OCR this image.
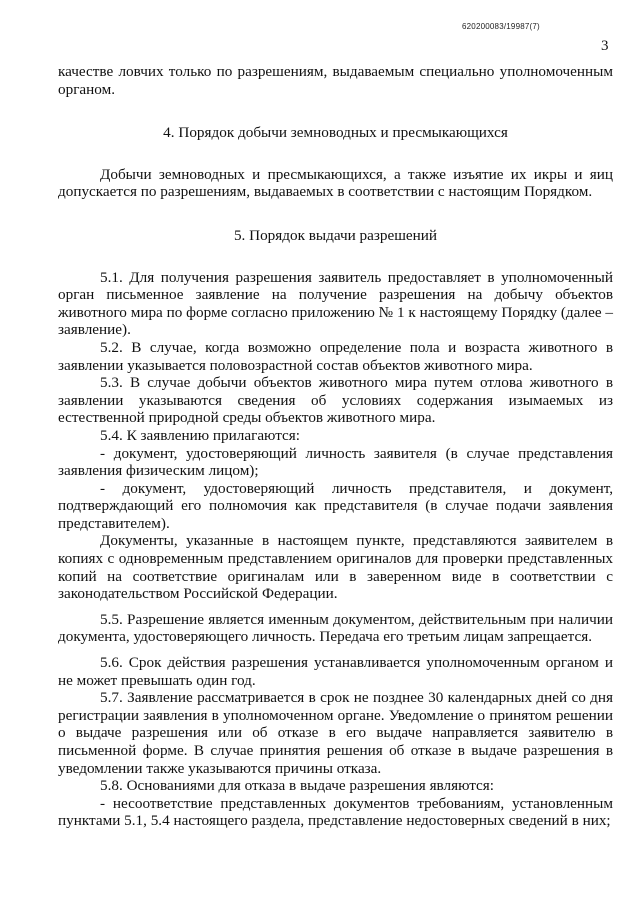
620200083/19987(7)
3

качестве ловчих только по разрешениям, выдаваемым специально уполномоченным органом.

4. Порядок добычи земноводных и пресмыкающихся

Добычи земноводных и пресмыкающихся, а также изъятие их икры и яиц допускается по разрешениям, выдаваемых в соответствии с настоящим Порядком.

5. Порядок выдачи разрешений

5.1. Для получения разрешения заявитель предоставляет в уполномоченный орган письменное заявление на получение разрешения на добычу объектов животного мира по форме согласно приложению № 1 к настоящему Порядку (далее – заявление).

5.2. В случае, когда возможно определение пола и возраста животного в заявлении указывается половозрастной состав объектов животного мира.

5.3. В случае добычи объектов животного мира путем отлова животного в заявлении указываются сведения об условиях содержания изымаемых из естественной природной среды объектов животного мира.

5.4. К заявлению прилагаются:

- документ, удостоверяющий личность заявителя (в случае представления заявления физическим лицом);

- документ, удостоверяющий личность представителя, и документ, подтверждающий его полномочия как представителя (в случае подачи заявления представителем).

Документы, указанные в настоящем пункте, представляются заявителем в копиях с одновременным представлением оригиналов для проверки представленных копий на соответствие оригиналам или в заверенном виде в соответствии с законодательством Российской Федерации.

5.5. Разрешение является именным документом, действительным при наличии документа, удостоверяющего личность. Передача его третьим лицам запрещается.

5.6. Срок действия разрешения устанавливается уполномоченным органом и не может превышать один год.

5.7. Заявление рассматривается в срок не позднее 30 календарных дней со дня регистрации заявления в уполномоченном органе. Уведомление о принятом решении о выдаче разрешения или об отказе в его выдаче направляется заявителю в письменной форме. В случае принятия решения об отказе в выдаче разрешения в уведомлении также указываются причины отказа.

5.8. Основаниями для отказа в выдаче разрешения являются:

- несоответствие представленных документов требованиям, установленным пунктами 5.1, 5.4 настоящего раздела, представление недостоверных сведений в них;
